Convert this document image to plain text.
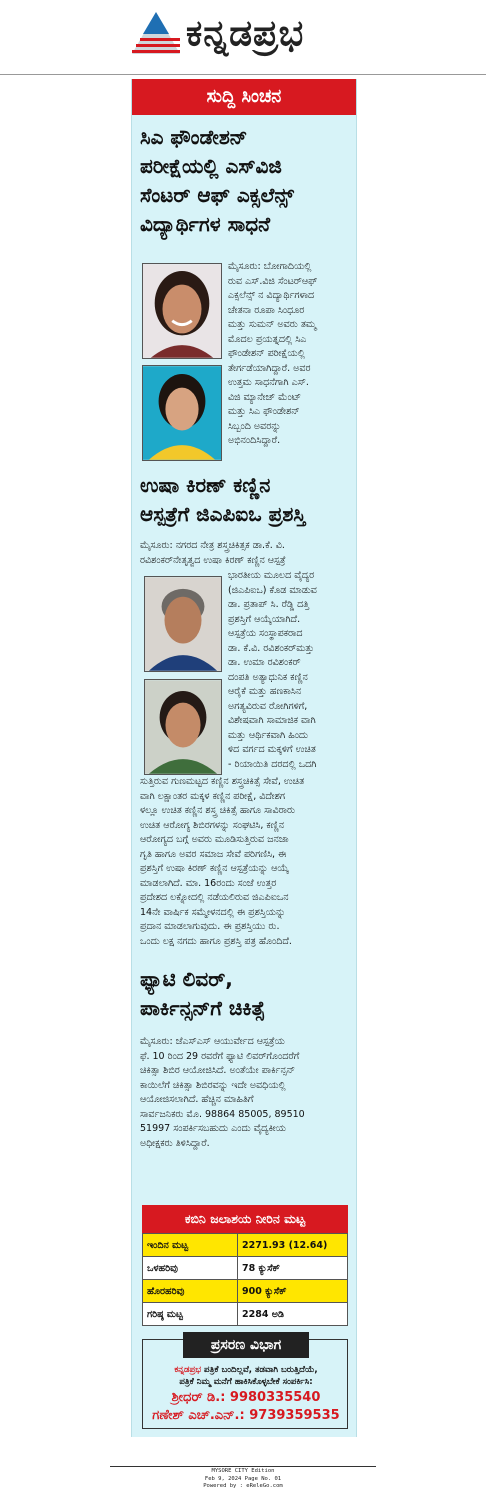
ಕನ್ನಡಪ್ರಭ
ಸುದ್ದಿ ಸಿಂಚನ
ಸಿಎ ಫೌಂಡೇಶನ್
ಪರೀಕ್ಷೆಯಲ್ಲಿ ಎಸ್‌ವಿಜಿ
ಸೆಂಟರ್ ಆಫ್ ಎಕ್ಸಲೆನ್ಸ್
ವಿದ್ಯಾರ್ಥಿಗಳ ಸಾಧನೆ
ಮೈಸೂರು: ಬೋಗಾದಿಯಲ್ಲಿ
ರುವ ಎಸ್.ವಿಜಿ ಸೆಂಟರ್‌ಆಫ್
ಎಕ್ಸಲೆನ್ಸ್ ನ ವಿದ್ಯಾರ್ಥಿಗಳಾದ
ಚೇತನಾ ರೂಪಾ ಸಿಂಧೂರ
ಮತ್ತು ಸುಮನ್ ಅವರು ತಮ್ಮ
ಮೊದಲ ಪ್ರಯತ್ನದಲ್ಲಿ ಸಿಎ
ಫೌಂಡೇಶನ್ ಪರೀಕ್ಷೆಯಲ್ಲಿ
ತೇರ್ಗಡೆಯಾಗಿದ್ದಾರೆ. ಅವರ
ಉತ್ತಮ ಸಾಧನೆಗಾಗಿ ಎಸ್.
ವಿಜಿ ಮ್ಯಾನೇಜ್ ಮೆಂಟ್
ಮತ್ತು ಸಿಎ ಫೌಂಡೇಶನ್
ಸಿಬ್ಬಂದಿ ಅವರನ್ನು
ಅಭಿನಂದಿಸಿದ್ದಾರೆ.
ಉಷಾ ಕಿರಣ್ ಕಣ್ಣಿನ
ಆಸ್ಪತ್ರೆಗೆ ಜಿಎಪಿಐಒ ಪ್ರಶಸ್ತಿ
ಮೈಸೂರು: ನಗರದ ನೇತ್ರ ಶಸ್ತ್ರಚಿಕಿತ್ಸಕ ಡಾ.ಕೆ. ವಿ.
ರವಿಶಂಕರ್‌ನೇತೃತ್ವದ ಉಷಾ ಕಿರಣ್ ಕಣ್ಣಿನ ಆಸ್ಪತ್ರೆ
ಭಾರತೀಯ ಮೂಲದ ವೈದ್ಯರ
(ಜಿಎಪಿಐಒ) ಕೊಡ ಮಾಡುವ
ಡಾ. ಪ್ರತಾಪ್ ಸಿ. ರೆಡ್ಡಿ ದತ್ತಿ
ಪ್ರಶಸ್ತಿಗೆ ಆಯ್ಕೆಯಾಗಿದೆ.
ಆಸ್ಪತ್ರೆಯ ಸಂಸ್ಥಾಪಕರಾದ
ಡಾ. ಕೆ.ವಿ. ರವಿಶಂಕರ್‌ಮತ್ತು
ಡಾ. ಉಮಾ ರವಿಶಂಕರ್
ದಂಪತಿ ಅತ್ಯಾಧುನಿಕ ಕಣ್ಣಿನ
ಆರೈಕೆ ಮತ್ತು ಹಣಕಾಸಿನ
ಅಗತ್ಯವಿರುವ ರೋಗಿಗಳಿಗೆ,
ವಿಶೇಷವಾಗಿ ಸಾಮಾಜಿಕ ವಾಗಿ
ಮತ್ತು ಆರ್ಥಿಕವಾಗಿ ಹಿಂದು
ಳಿದ ವರ್ಗದ ಮಕ್ಕಳಿಗೆ ಉಚಿತ
- ರಿಯಾಯಿತಿ ದರದಲ್ಲಿ ಒದಗಿ
ಸುತ್ತಿರುವ ಗುಣಮಟ್ಟದ ಕಣ್ಣಿನ ಶಸ್ತ್ರಚಿಕಿತ್ಸೆ ಸೇವೆ, ಉಚಿತ
ವಾಗಿ ಲಕ್ಷಾಂತರ ಮಕ್ಕಳ ಕಣ್ಣಿನ ಪರೀಕ್ಷೆ, ವಿದೇಶಗ
ಳಲ್ಲೂ ಉಚಿತ ಕಣ್ಣಿನ ಶಸ್ತ್ರ ಚಿಕಿತ್ಸೆ ಹಾಗೂ ಸಾವಿರಾರು
ಉಚಿತ ಆರೋಗ್ಯ ಶಿಬಿರಗಳನ್ನು ಸಂಘಟಿಸಿ, ಕಣ್ಣಿನ
ಆರೋಗ್ಯದ ಬಗ್ಗೆ ಅವರು ಮೂಡಿಸುತ್ತಿರುವ ಜನಜಾ
ಗೃತಿ ಹಾಗೂ ಅವರ ಸಮಾಜ ಸೇವೆ ಪರಿಗಣಿಸಿ, ಈ
ಪ್ರಶಸ್ತಿಗೆ ಉಷಾ ಕಿರಣ್ ಕಣ್ಣಿನ ಆಸ್ಪತ್ರೆಯನ್ನು ಆಯ್ಕೆ
ಮಾಡಲಾಗಿದೆ. ಮಾ. 16ರಂದು ಸಂಜೆ ಉತ್ತರ
ಪ್ರದೇಶದ ಲಕ್ನೋದಲ್ಲಿ ನಡೆಯಲಿರುವ ಜಿಎಪಿಐಒನ
14ನೇ ವಾರ್ಷಿಕ ಸಮ್ಮೇಳನದಲ್ಲಿ ಈ ಪ್ರಶಸ್ತಿಯನ್ನು
ಪ್ರದಾನ ಮಾಡಲಾಗುವುದು. ಈ ಪ್ರಶಸ್ತಿಯು ರು.
ಒಂದು ಲಕ್ಷ ನಗದು ಹಾಗೂ ಪ್ರಶಸ್ತಿ ಪತ್ರ ಹೊಂದಿದೆ.
ಫ್ಯಾಟಿ ಲಿವರ್,
ಪಾರ್ಕಿನ್ಸನ್‌ಗೆ ಚಿಕಿತ್ಸೆ
ಮೈಸೂರು: ಜೆಎಸ್‌ಎಸ್ ಆಯುರ್ವೇದ ಆಸ್ಪತ್ರೆಯ
ಫೆ. 10 ರಿಂದ 29 ರವರೆಗೆ ಫ್ಯಾಟಿ ಲಿವರ್‌ಗೊಂದರೆಗೆ
ಚಿಕಿತ್ಸಾ ಶಿಬಿರ ಆಯೋಜಿಸಿದೆ. ಅಂತೆಯೇ ಪಾರ್ಕಿನ್ಸನ್
ಕಾಯಿಲೆಗೆ ಚಿಕಿತ್ಸಾ ಶಿಬಿರವನ್ನು ಇದೇ ಅವಧಿಯಲ್ಲಿ
ಆಯೋಜಿಸಲಾಗಿದೆ. ಹೆಚ್ಚಿನ ಮಾಹಿತಿಗೆ
ಸಾರ್ವಜನಿಕರು ಮೊ. 98864 85005, 89510
51997 ಸಂಪರ್ಕಿಸಬಹುದು ಎಂದು ವೈದ್ಯಕೀಯ
ಅಧೀಕ್ಷಕರು ತಿಳಿಸಿದ್ದಾರೆ.
ಕಬಿನಿ ಜಲಾಶಯ ನೀರಿನ ಮಟ್ಟ
ಇಂದಿನ ಮಟ್ಟ	2271.93 (12.64)
ಒಳಹರಿವು	78 ಕ್ಯುಸೆಕ್
ಹೊರಹರಿವು	900 ಕ್ಯುಸೆಕ್
ಗರಿಷ್ಠ ಮಟ್ಟ	2284 ಅಡಿ
ಪ್ರಸರಣ ವಿಭಾಗ
ಕನ್ನಡಪ್ರಭ ಪತ್ರಿಕೆ ಬಂದಿಲ್ಲವೆ, ತಡವಾಗಿ ಬರುತ್ತಿದೆಯೆ,
ಪತ್ರಿಕೆ ನಿಮ್ಮ ಮನೆಗೆ ಹಾಕಿಸಿಕೊಳ್ಳಬೇಕೆ ಸಂಪರ್ಕಿಸಿ:
ಶ್ರೀಧರ್ ಡಿ.: 9980335540
ಗಣೇಶ್ ಎಚ್.ಎನ್.: 9739359535
MYSORE CITY Edition
Feb 9, 2024 Page No. 01
Powered by : eReleGo.com
